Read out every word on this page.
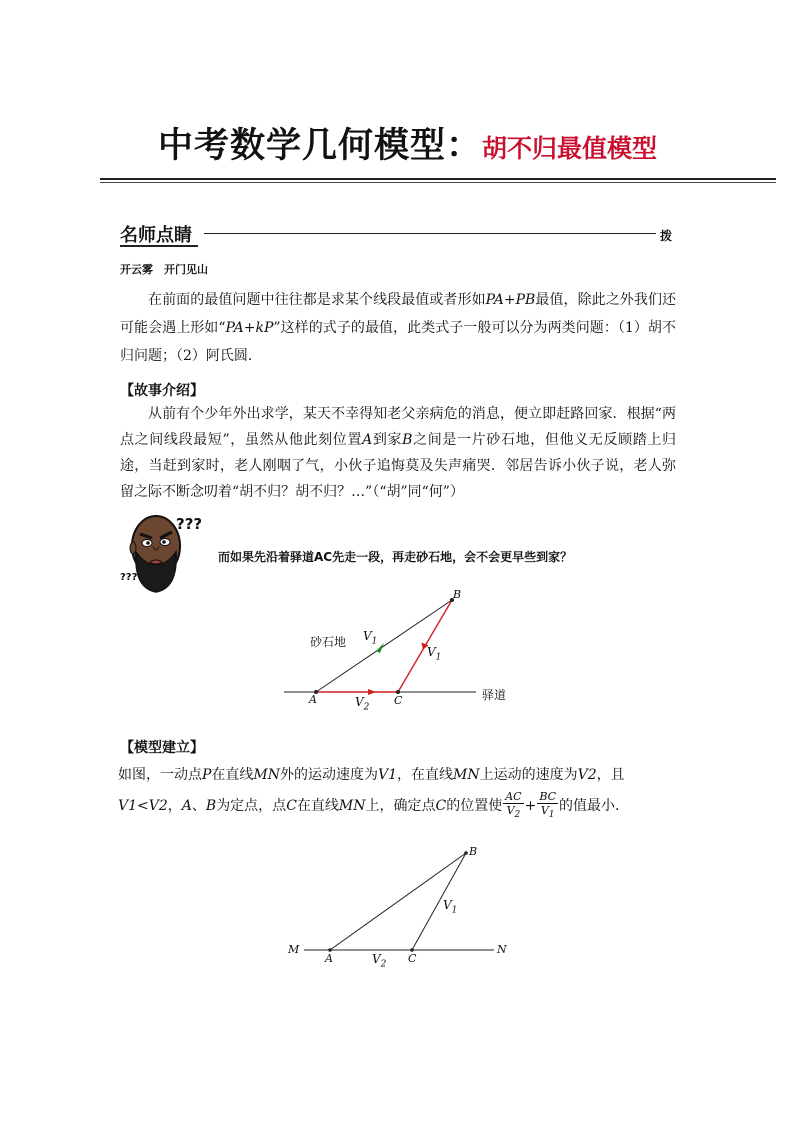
中考数学几何模型：胡不归最值模型
名师点睛	拨
开云雾　开门见山
在前面的最值问题中往往都是求某个线段最值或者形如PA+PB最值，除此之外我们还可能会遇上形如“PA+kP”这样的式子的最值，此类式子一般可以分为两类问题：（1）胡不归问题；（2）阿氏圆.
【故事介绍】
从前有个少年外出求学，某天不幸得知老父亲病危的消息，便立即赶路回家．根据“两点之间线段最短”，虽然从他此刻位置A到家B之间是一片砂石地，但他义无反顾踏上归途，当赶到家时，老人刚咽了气，小伙子追悔莫及失声痛哭．邻居告诉小伙子说，老人弥留之际不断念叨着“胡不归？胡不归？…”（“胡”同“何”）
???
???
而如果先沿着驿道AC先走一段，再走砂石地，会不会更早些到家？
砂石地
驿道
A
B
C
$V_1$
$V_1$
$V_2$
【模型建立】
如图，一动点P在直线MN外的运动速度为V1，在直线MN上运动的速度为V2，且
V1<V2，A、B为定点，点C在直线MN上，确定点C的位置使 $\frac{AC}{V_2} + \frac{BC}{V_1}$ 的值最小．
M	N
A
B
C
$V_1$
$V_2$
